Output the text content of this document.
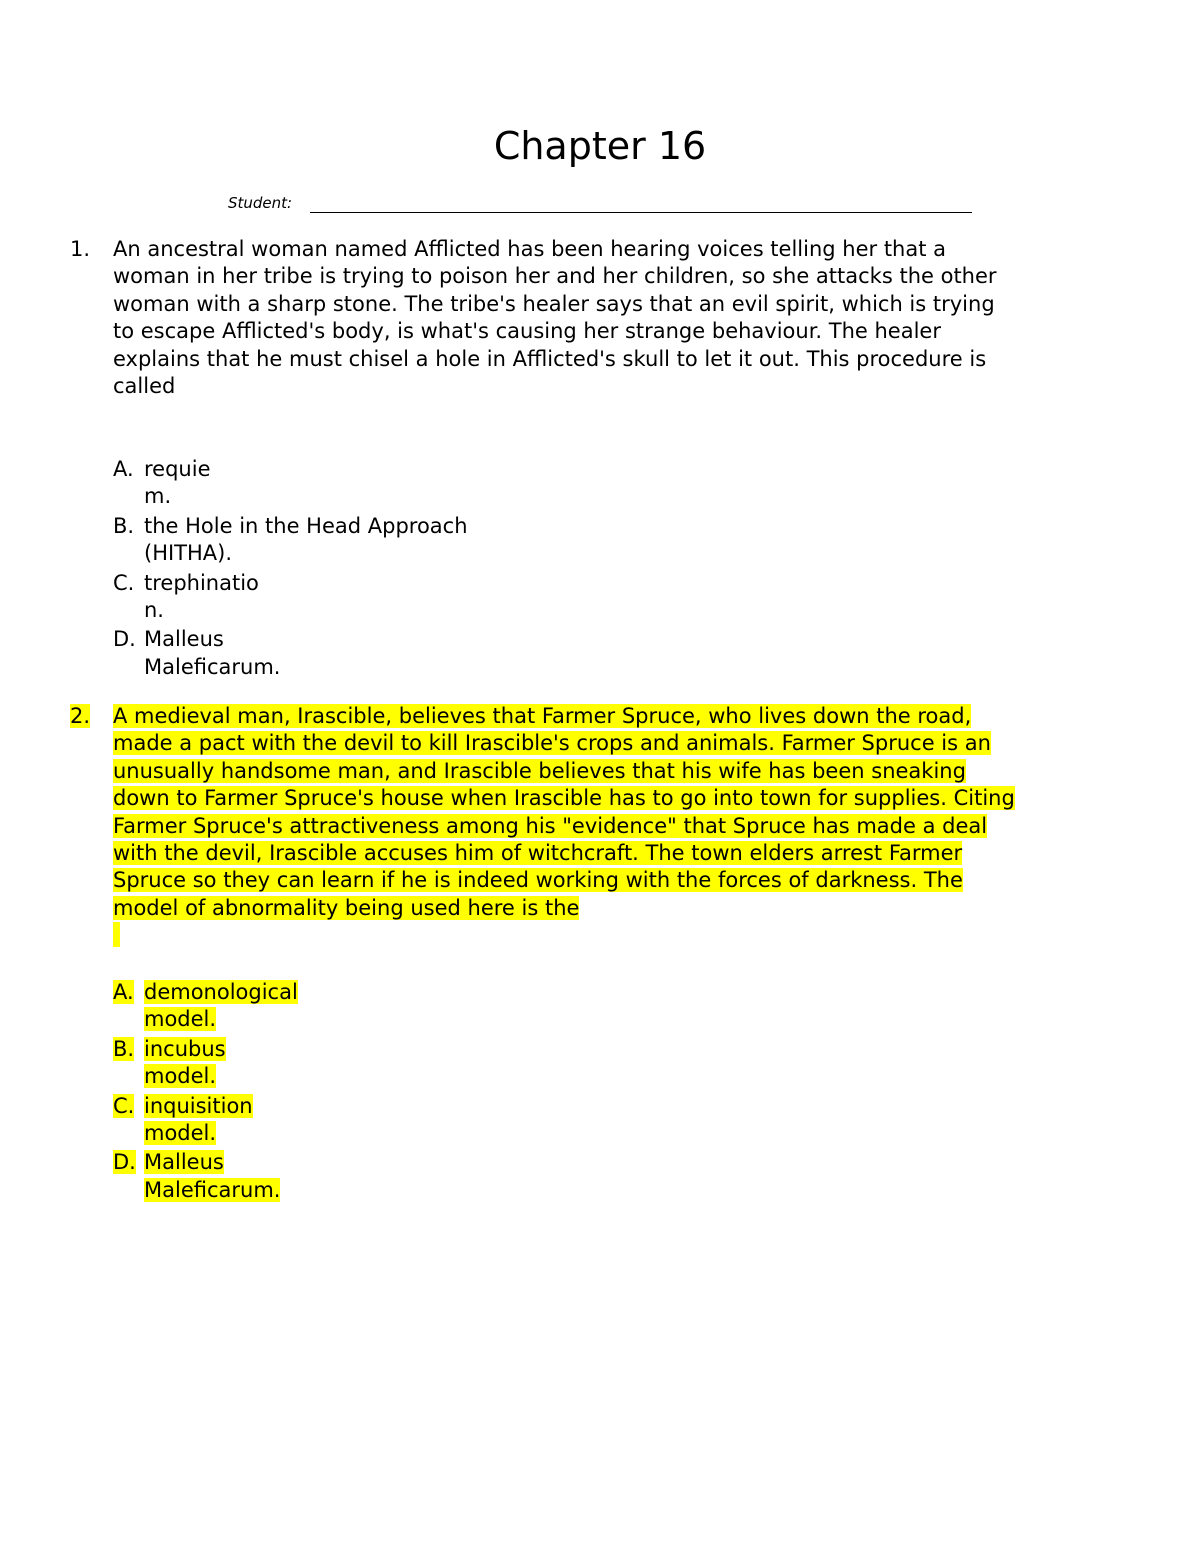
Chapter 16
Student:
1. An ancestral woman named Afflicted has been hearing voices telling her that a
woman in her tribe is trying to poison her and her children, so she attacks the other
woman with a sharp stone. The tribe's healer says that an evil spirit, which is trying
to escape Afflicted's body, is what's causing her strange behaviour. The healer
explains that he must chisel a hole in Afflicted's skull to let it out. This procedure is
called
A. requie
m.
B. the Hole in the Head Approach
(HITHA).
C. trephinatio
n.
D. Malleus
Maleficarum.
2. A medieval man, Irascible, believes that Farmer Spruce, who lives down the road,
made a pact with the devil to kill Irascible's crops and animals. Farmer Spruce is an
unusually handsome man, and Irascible believes that his wife has been sneaking
down to Farmer Spruce's house when Irascible has to go into town for supplies. Citing
Farmer Spruce's attractiveness among his "evidence" that Spruce has made a deal
with the devil, Irascible accuses him of witchcraft. The town elders arrest Farmer
Spruce so they can learn if he is indeed working with the forces of darkness. The
model of abnormality being used here is the
A. demonological
model.
B. incubus
model.
C. inquisition
model.
D. Malleus
Maleficarum.
